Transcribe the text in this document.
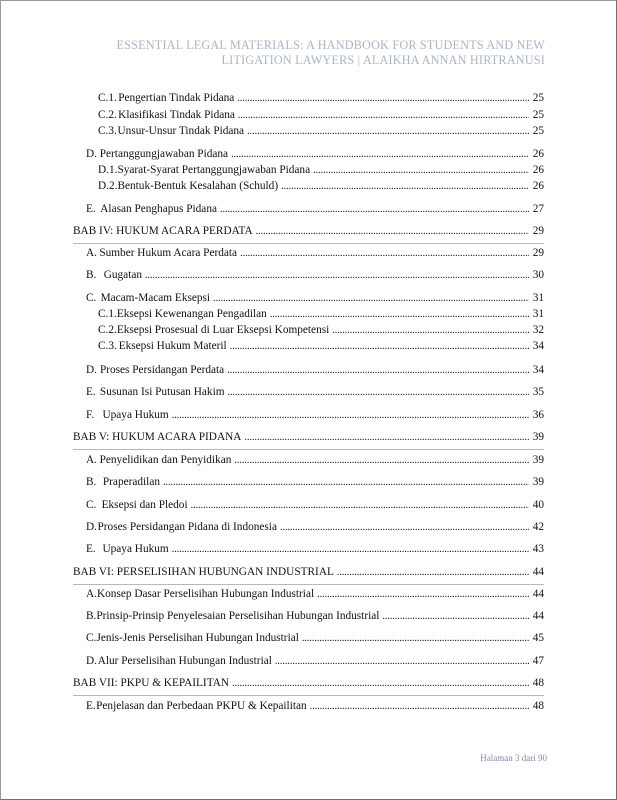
ESSENTIAL LEGAL MATERIALS: A HANDBOOK FOR STUDENTS AND NEW
LITIGATION LAWYERS | ALAIKHA ANNAN HIRTRANUSI
C.1. Pengertian Tindak Pidana .....	25
C.2. Klasifikasi Tindak Pidana .....	25
C.3. Unsur-Unsur Tindak Pidana .....	25
D. Pertanggungjawaban Pidana .....	26
D.1. Syarat-Syarat Pertanggungjawaban Pidana .....	26
D.2. Bentuk-Bentuk Kesalahan (Schuld) .....	26
E. Alasan Penghapus Pidana .....	27
BAB IV: HUKUM ACARA PERDATA .....	29
A. Sumber Hukum Acara Perdata .....	29
B. Gugatan .....	30
C. Macam-Macam Eksepsi .....	31
C.1. Eksepsi Kewenangan Pengadilan .....	31
C.2. Eksepsi Prosesual di Luar Eksepsi Kompetensi .....	32
C.3. Eksepsi Hukum Materil .....	34
D. Proses Persidangan Perdata .....	34
E. Susunan Isi Putusan Hakim .....	35
F. Upaya Hukum .....	36
BAB V: HUKUM ACARA PIDANA .....	39
A. Penyelidikan dan Penyidikan .....	39
B. Praperadilan .....	39
C. Eksepsi dan Pledoi .....	40
D. Proses Persidangan Pidana di Indonesia .....	42
E. Upaya Hukum .....	43
BAB VI: PERSELISIHAN HUBUNGAN INDUSTRIAL .....	44
A. Konsep Dasar Perselisihan Hubungan Industrial .....	44
B. Prinsip-Prinsip Penyelesaian Perselisihan Hubungan Industrial .....	44
C. Jenis-Jenis Perselisihan Hubungan Industrial .....	45
D. Alur Perselisihan Hubungan Industrial .....	47
BAB VII: PKPU & KEPAILITAN .....	48
E. Penjelasan dan Perbedaan PKPU & Kepailitan .....	48
Halaman 3 dari 90
